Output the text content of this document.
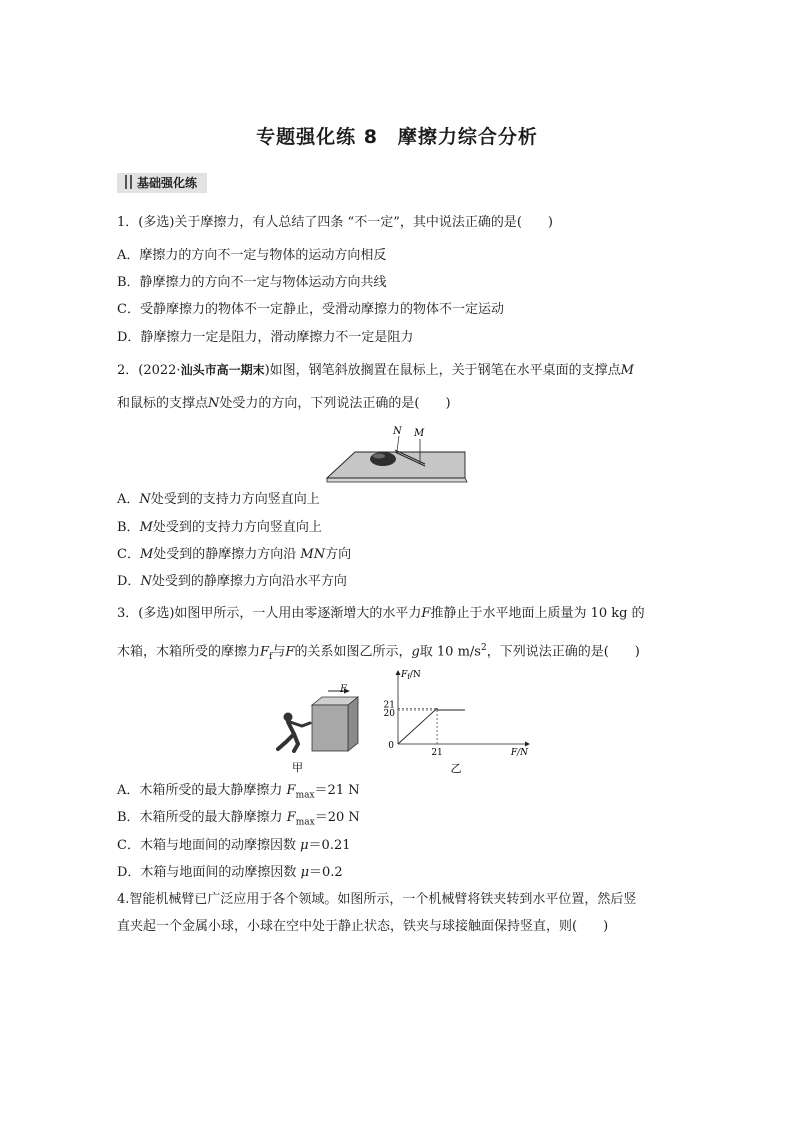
专题强化练 8　摩擦力综合分析
基础强化练
1．(多选)关于摩擦力，有人总结了四条 “不一定”，其中说法正确的是(　　)
A．摩擦力的方向不一定与物体的运动方向相反
B．静摩擦力的方向不一定与物体运动方向共线
C．受静摩擦力的物体不一定静止，受滑动摩擦力的物体不一定运动
D．静摩擦力一定是阻力，滑动摩擦力不一定是阻力
2．(2022·汕头市高一期末)如图，钢笔斜放搁置在鼠标上，关于钢笔在水平桌面的支撑点M
和鼠标的支撑点N处受力的方向，下列说法正确的是(　　)
N M
A．N处受到的支持力方向竖直向上
B．M处受到的支持力方向竖直向上
C．M处受到的静摩擦力方向沿 MN方向
D．N处受到的静摩擦力方向沿水平方向
3．(多选)如图甲所示，一人用由零逐渐增大的水平力F推静止于水平地面上质量为 10 kg 的
木箱，木箱所受的摩擦力$F_f$与F的关系如图乙所示，g取 10 $m/s^2$，下列说法正确的是(　　)
甲
F
20
21
21
0
F/N
$F_f/N$
乙
A．木箱所受的最大静摩擦力 $F_{max}=21$ N
B．木箱所受的最大静摩擦力 $F_{max}=20$ N
C．木箱与地面间的动摩擦因数 μ＝0.21
D．木箱与地面间的动摩擦因数 μ＝0.2
4.智能机械臂已广泛应用于各个领域。如图所示，一个机械臂将铁夹转到水平位置，然后竖
直夹起一个金属小球，小球在空中处于静止状态，铁夹与球接触面保持竖直，则(　　)
